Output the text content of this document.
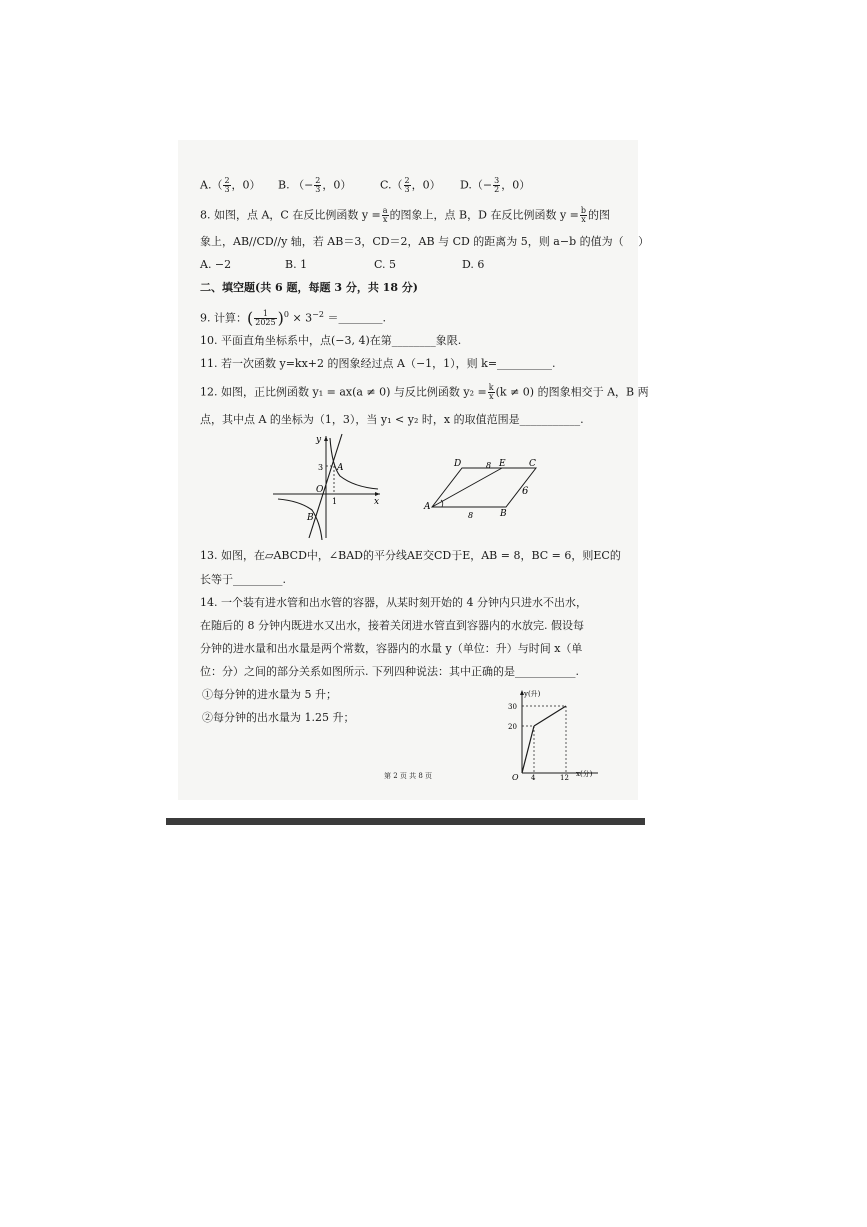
$A.( \frac{2}{3}$ ，0） B. （− $\frac{2}{3}$ ，0）	$C.( \frac{2}{3}$ ，0） $D.(- \frac{3}{2}$ ，0）
8. 如图，点 A，C 在反比例函数 $y = \frac{a}{x}$ 的图象上，点 B，D 在反比例函数 $y = \frac{b}{x}$ 的图
象上，AB//CD//y 轴，若 AB＝3，CD＝2，AB 与 CD 的距离为 5，则 a−b 的值为（　 ）
A. −2	B. 1	C. 5	D. 6
二、填空题(共 6 题，每题 3 分，共 18 分)
9. 计算：( $\frac{1}{2025} )^0 \times 3^{-2}$ ＝________.
10. 平面直角坐标系中，点(−3, 4)在第________象限.
11. 若一次函数 y=kx+2 的图象经过点 A（−1，1），则 k=__________.
12. 如图，正比例函数 y₁ = ax(a ≠ 0) 与反比例函数 $y_2 = \frac{k}{x} (k \ne 0)$ 的图象相交于 A，B 两
点，其中点 A 的坐标为（1，3），当 y₁ < y₂ 时，x 的取值范围是___________.
y
x
A
B
O
3
1
D	E	C
A
B
8
8
6
13. 如图，在▱ABCD中，∠BAD的平分线AE交CD于E，AB = 8，BC = 6，则EC的
长等于_________.
14. 一个装有进水管和出水管的容器，从某时刻开始的 4 分钟内只进水不出水，
在随后的 8 分钟内既进水又出水，接着关闭进水管直到容器内的水放完. 假设每
分钟的进水量和出水量是两个常数，容器内的水量 y（单位：升）与时间 x（单
位：分）之间的部分关系如图所示. 下列四种说法：其中正确的是___________.
①每分钟的进水量为 5 升；
②每分钟的出水量为 1.25 升；
y(升)
x(分)
O
30
20
4	12
第 2 页 共 8 页
